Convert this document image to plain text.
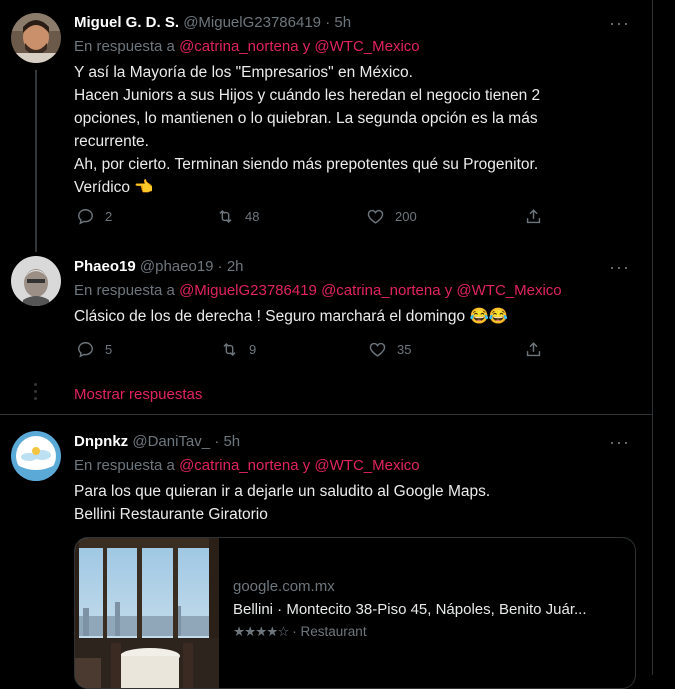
Miguel G. D. S. @MiguelG23786419 · 5h	···
En respuesta a @catrina_nortena y @WTC_Mexico
Y así la Mayoría de los "Empresarios" en México.
Hacen Juniors a sus Hijos y cuándo les heredan el negocio tienen 2
opciones, lo mantienen o lo quiebran. La segunda opción es la más
recurrente.
Ah, por cierto. Terminan siendo más prepotentes qué su Progenitor.
Verídico 👈
2	48	200
Phaeo19 @phaeo19 · 2h	···
En respuesta a @MiguelG23786419 @catrina_nortena y @WTC_Mexico
Clásico de los de derecha ! Seguro marchará el domingo 😂😂
5	9	35
Mostrar respuestas
Dnpnkz @DaniTav_ · 5h	···
En respuesta a @catrina_nortena y @WTC_Mexico
Para los que quieran ir a dejarle un saludito al Google Maps.
Bellini Restaurante Giratorio
google.com.mx
Bellini · Montecito 38-Piso 45, Nápoles, Benito Juár...
★★★★☆ · Restaurant
